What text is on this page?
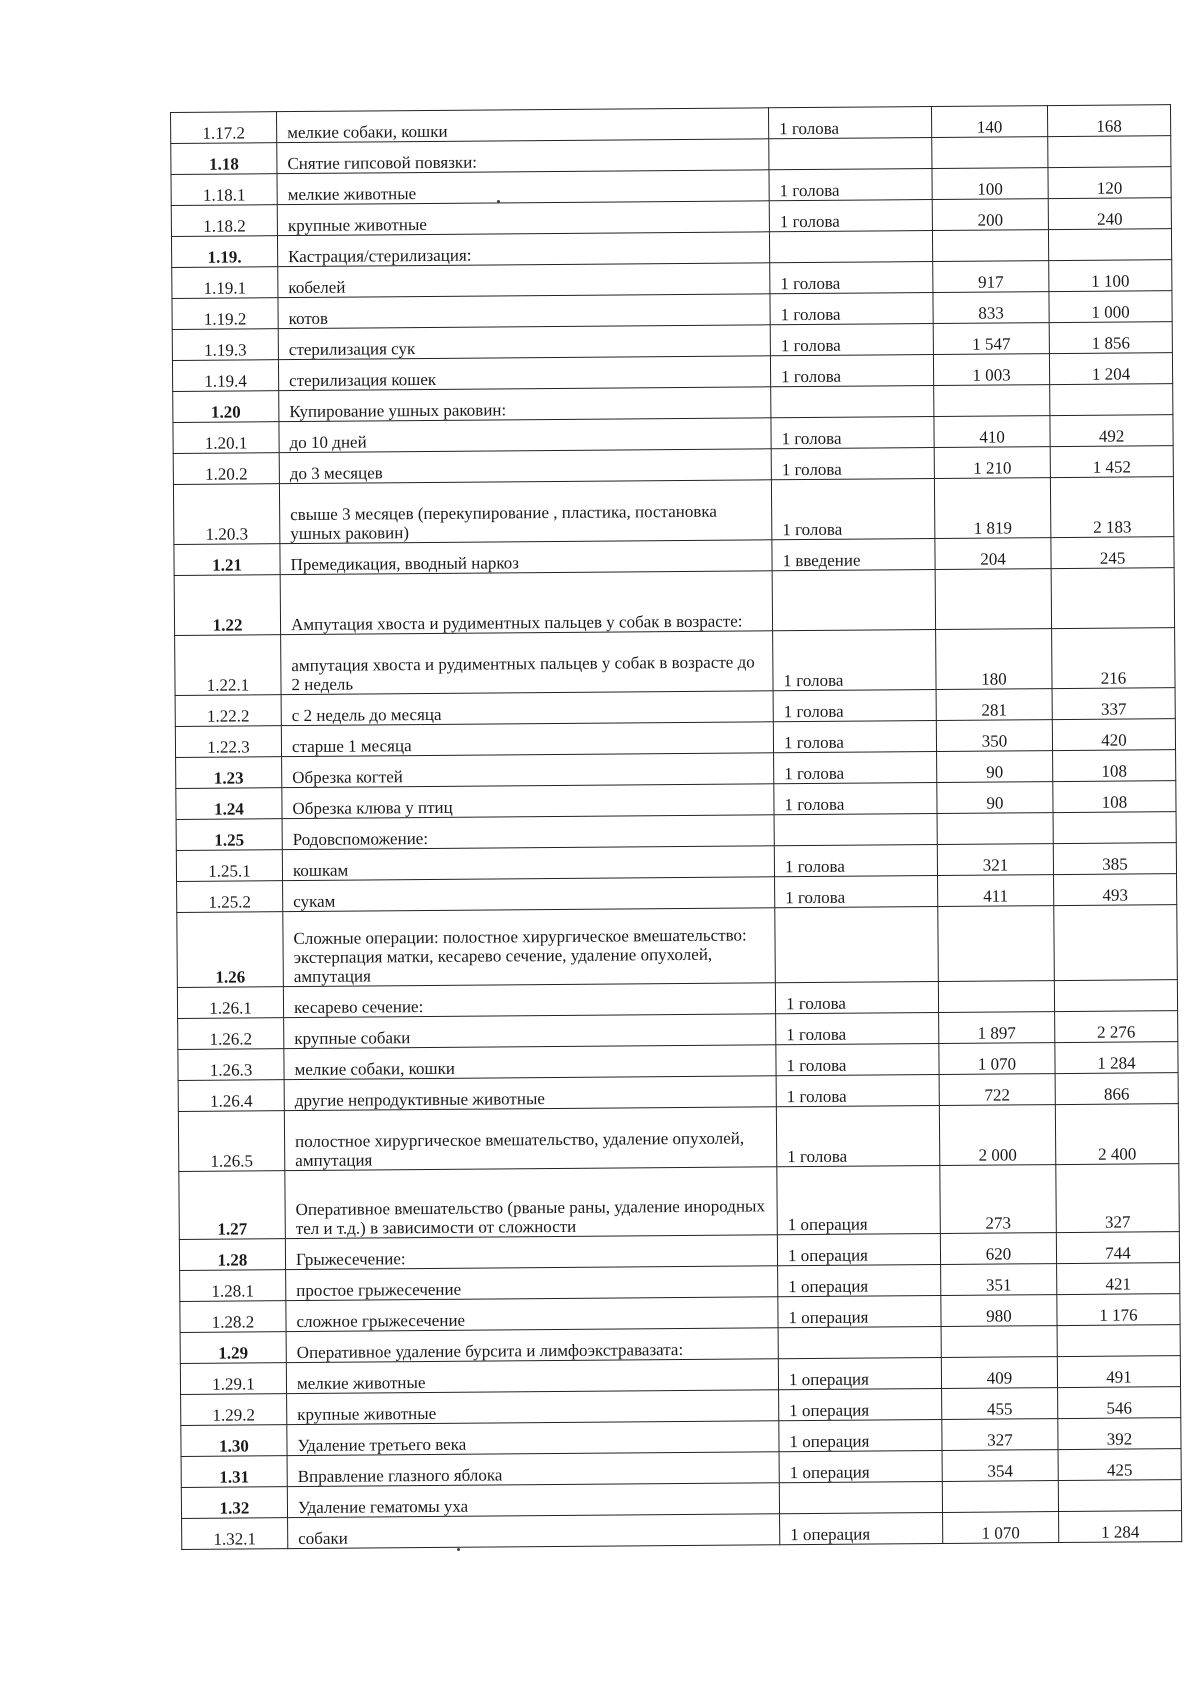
1.17.2	мелкие собаки, кошки	1 голова	140	168
1.18	Снятие гипсовой повязки:			
1.18.1	мелкие животные	1 голова	100	120
1.18.2	крупные животные	1 голова	200	240
1.19.	Кастрация/стерилизация:			
1.19.1	кобелей	1 голова	917	1 100
1.19.2	котов	1 голова	833	1 000
1.19.3	стерилизация сук	1 голова	1 547	1 856
1.19.4	стерилизация кошек	1 голова	1 003	1 204
1.20	Купирование ушных раковин:			
1.20.1	до 10 дней	1 голова	410	492
1.20.2	до 3 месяцев	1 голова	1 210	1 452
1.20.3	свыше 3 месяцев (перекупирование , пластика, постановка ушных раковин)	1 голова	1 819	2 183
1.21	Премедикация, вводный наркоз	1 введение	204	245
1.22	Ампутация хвоста и рудиментных пальцев у собак в возрасте:			
1.22.1	ампутация хвоста и рудиментных пальцев у собак в возрасте до 2 недель	1 голова	180	216
1.22.2	с 2 недель до месяца	1 голова	281	337
1.22.3	старше 1 месяца	1 голова	350	420
1.23	Обрезка когтей	1 голова	90	108
1.24	Обрезка клюва у птиц	1 голова	90	108
1.25	Родовспоможение:			
1.25.1	кошкам	1 голова	321	385
1.25.2	сукам	1 голова	411	493
1.26	Сложные операции: полостное хирургическое вмешательство: экстерпация матки, кесарево сечение, удаление опухолей, ампутация			
1.26.1	кесарево сечение:	1 голова		
1.26.2	крупные собаки	1 голова	1 897	2 276
1.26.3	мелкие собаки, кошки	1 голова	1 070	1 284
1.26.4	другие непродуктивные животные	1 голова	722	866
1.26.5	полостное хирургическое вмешательство, удаление опухолей, ампутация	1 голова	2 000	2 400
1.27	Оперативное вмешательство (рваные раны, удаление инородных тел и т.д.) в зависимости от сложности	1 операция	273	327
1.28	Грыжесечение:	1 операция	620	744
1.28.1	простое грыжесечение	1 операция	351	421
1.28.2	сложное грыжесечение	1 операция	980	1 176
1.29	Оперативное удаление бурсита и лимфоэкстравазата:			
1.29.1	мелкие животные	1 операция	409	491
1.29.2	крупные животные	1 операция	455	546
1.30	Удаление третьего века	1 операция	327	392
1.31	Вправление глазного яблока	1 операция	354	425
1.32	Удаление гематомы уха			
1.32.1	собаки	1 операция	1 070	1 284
